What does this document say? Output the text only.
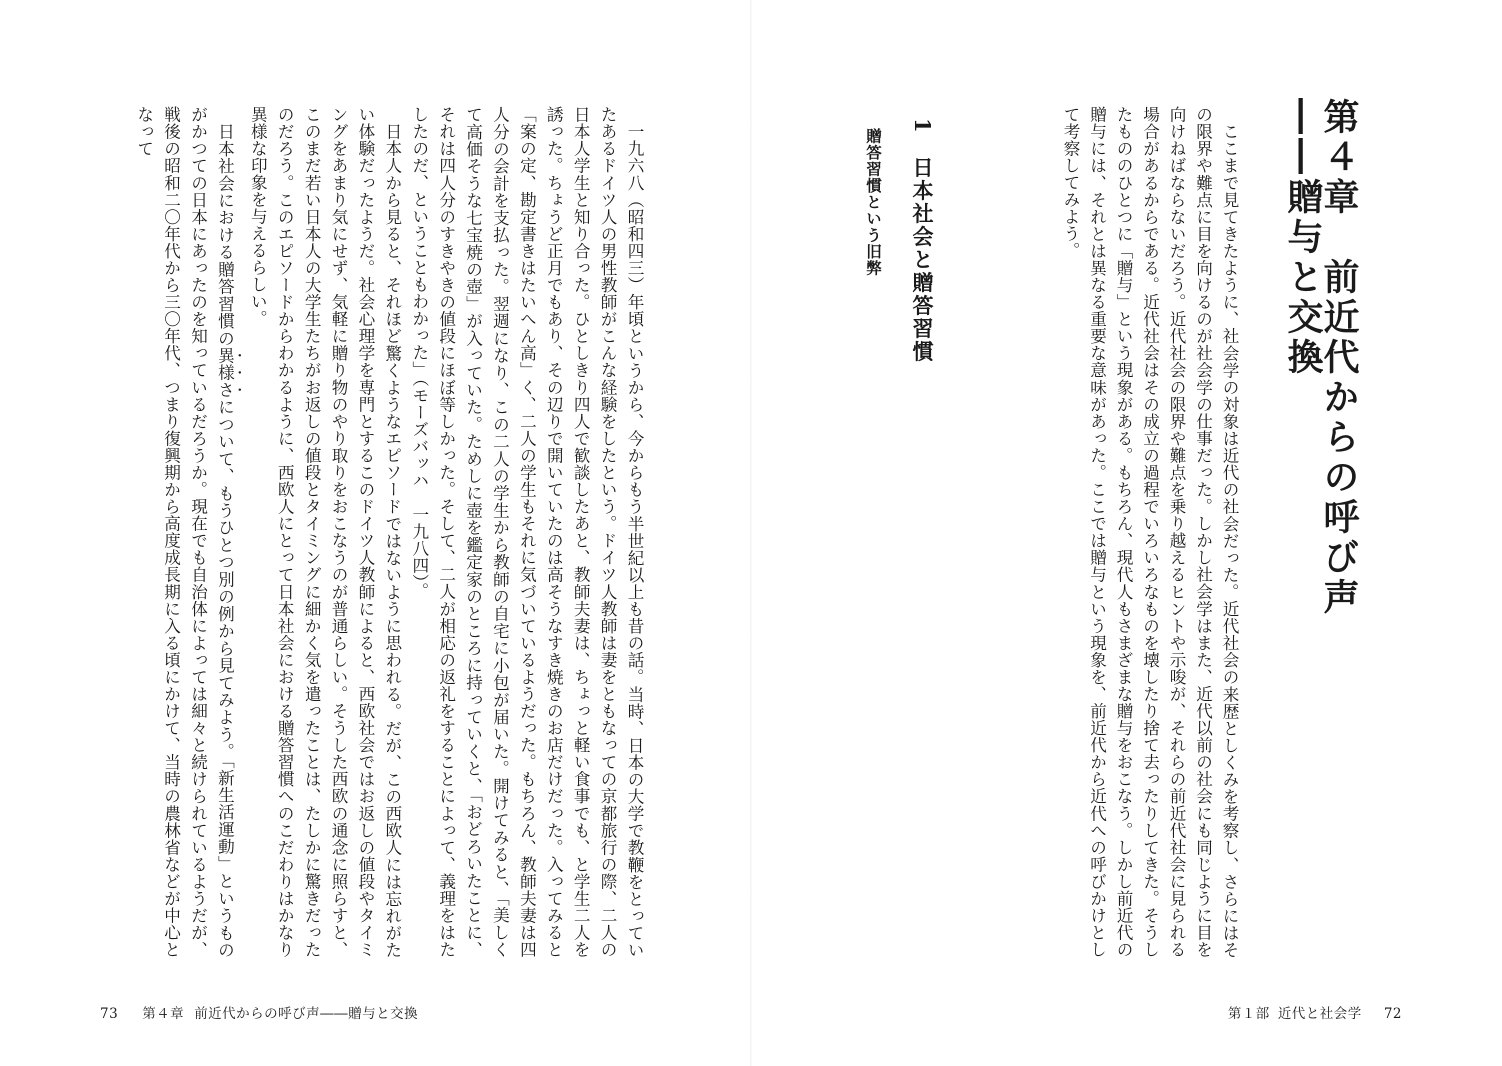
第４章　前近代からの呼び声――贈与と交換

ここまで見てきたように、社会学の対象は近代の社会だった。近代社会の来歴としくみを考察し、さらにはその限界や難点に目を向けるのが社会学の仕事だった。しかし社会学はまた、近代以前の社会にも同じように目を向けねばならないだろう。近代社会の限界や難点を乗り越えるヒントや示唆が、それらの前近代社会に見られる場合があるからである。近代社会はその成立の過程でいろいろなものを壊したり捨て去ったりしてきた。そうしたもののひとつに「贈与」という現象がある。もちろん、現代人もさまざまな贈与をおこなう。しかし前近代の贈与には、それとは異なる重要な意味があった。ここでは贈与という現象を、前近代から近代への呼びかけとして考察してみよう。

1日本社会と贈答習慣
贈答習慣という旧弊

一九六八（昭和四三）年頃というから、今からもう半世紀以上も昔の話。当時、日本の大学で教鞭をとっていたあるドイツ人の男性教師がこんな経験をしたという。ドイツ人教師は妻をともなっての京都旅行の際、二人の日本人学生と知り合った。ひとしきり四人で歓談したあと、教師夫妻は、ちょっと軽い食事でも、と学生二人を誘った。ちょうど正月でもあり、その辺りで開いていたのは高そうなすき焼きのお店だけだった。入ってみると「案の定、勘定書きはたいへん高」く、二人の学生もそれに気づいているようだった。もちろん、教師夫妻は四人分の会計を支払った。翌週になり、この二人の学生から教師の自宅に小包が届いた。開けてみると、「美しくて高価そうな七宝焼の壺」が入っていた。ためしに壺を鑑定家のところに持っていくと、「おどろいたことに、それは四人分のすきやきの値段にほぼ等しかった。そして、二人が相応の返礼をすることによって、義理をはたしたのだ、ということもわかった」（モーズバッハ　一九八四）。

日本人から見ると、それほど驚くようなエピソードではないように思われる。だが、この西欧人には忘れがたい体験だったようだ。社会心理学を専門とするこのドイツ人教師によると、西欧社会ではお返しの値段やタイミングをあまり気にせず、気軽に贈り物のやり取りをおこなうのが普通らしい。そうした西欧の通念に照らすと、このまだ若い日本人の大学生たちがお返しの値段とタイミングに細かく気を遣ったことは、たしかに驚きだったのだろう。このエピソードからわかるように、西欧人にとって日本社会における贈答習慣へのこだわりはかなり異様な印象を与えるらしい。

日本社会における贈答習慣の異様さについて、もうひとつ別の例から見てみよう。「新生活運動」というものがかつての日本にあったのを知っているだろうか。現在でも自治体によっては細々と続けられているようだが、戦後の昭和二〇年代から三〇年代、つまり復興期から高度成長期に入る頃にかけて、当時の農林省などが中心となって

73 第４章 前近代からの呼び声――贈与と交換	第１部 近代と社会学 72
